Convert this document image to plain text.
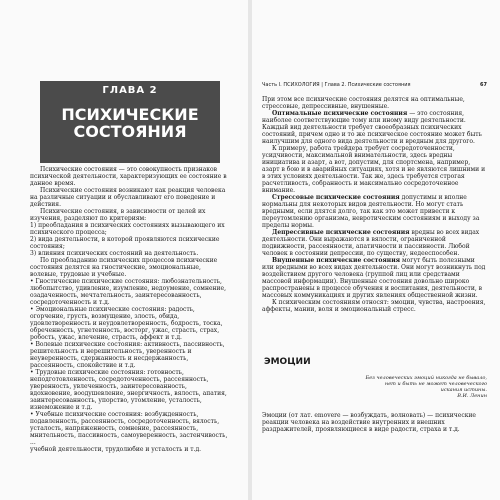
ГЛАВА 2
ПСИХИЧЕСКИЕ СОСТОЯНИЯ

Психические состояния — это совокупность признаков психической деятельности, характеризующих ее состояние в данное время.

Психические состояния возникают как реакция человека на различные ситуации и обуславливают его поведение и действия.

Психические состояния, в зависимости от целей их изучения, разделяют по критериям:

1) преобладания в психических состояниях вызывающего их психического процесса;
2) вида деятельности, в которой проявляются психические состояния;
3) влияния психических состояний на деятельность.

По преобладанию психических процессов психические состояния делятся на гностические, эмоциональные, волевые, трудовые и учебные.

• Гностические психические состояния: любознательность, любопытство, удивление, изумление, недоумение, сомнение, озадаченность, мечтательность, заинтересованность, сосредоточенность и т.д.
• Эмоциональные психические состояния: радость, огорчение, грусть, возмущение, злость, обида, удовлетворенность и неудовлетворенность, бодрость, тоска, обреченность, угнетенность, восторг, ужас, страсть, страх, робость, ужас, влечение, страсть, аффект и т.д.
• Волевые психические состояния: активность, пассивность, решительность и нерешительность, уверенность и неуверенность, сдержанность и несдержанность, рассеянность, спокойствие и т.д.
• Трудовые психические состояния: готовность, неподготовленность, сосредоточенность, рассеянность, уверенность, увлеченность, заинтересованность, вдохновение, воодушевление, энергичность, вялость, апатия, заинтересованность, упорство, утомление, усталость, изнеможение и т.д.
• Учебные психические состояния: возбужденность, подавленность, рассеянность, сосредоточенность, вялость, усталость, напряженность, сомнение, рассеянность, мнительность, пассивность, самоуверенность, застенчивость, ...
учебной деятельности, трудолюбие и усталость и т.д.
Часть I. ПСИХОЛОГИЯ | Глава 2. Психические состояния	67

При этом все психические состояния делятся на оптимальные, стрессовые, депрессивные, внушенные.

Оптимальные психические состояния — это состояния, наиболее соответствующие тому или иному виду деятельности. Каждый вид деятельности требует своеобразных психических состояний, причем одно и то же психическое состояние может быть наилучшим для одного вида деятельности и вредным для другого.

К примеру, работа трейдера требует сосредоточенности, усидчивости, максимальной внимательности, здесь вредны инициатива и азарт, а вот, допустим, для спортсмена, например, азарт в бою и в аварийных ситуациях, хотя и не являются лишними и в этих условиях деятельности. Так же, здесь требуется строгая расчетливость, собранность и максимально сосредоточенное внимание.

Стрессовые психические состояния допустимы и вполне нормальны для некоторых видов деятельности. Но могут стать вредными, если длятся долго, так как это может привести к переутомлению организма, невротическим состояниям и выходу за пределы нормы.

Депрессивные психические состояния вредны во всех видах деятельности. Они выражаются в вялости, ограниченной подвижности, рассеянности, апатичности и пассивности. Любой человек в состоянии депрессии, по существу, недееспособен.

Внушенные психические состояния могут быть полезными или вредными во всех видах деятельности. Они могут возникнуть под воздействием другого человека (группой лиц или средствами массовой информации). Внушенные состояния довольно широко распространены в процессе обучения и воспитания, деятельности, в массовых коммуникациях и других явлениях общественной жизни.

К психическим состояниям относят: эмоции, чувства, настроения, аффекты, мании, воля и эмоциональный стресс.

ЭМОЦИИ
Без человеческих эмоций никогда не бывало, нет и быть не может человеческого искания истины.
В.И. Ленин
Эмоции (от лат. emovere — возбуждать, волновать) — психические реакции человека на воздействие внутренних и внешних раздражителей, проявляющиеся в виде радости, страха и т.д.
